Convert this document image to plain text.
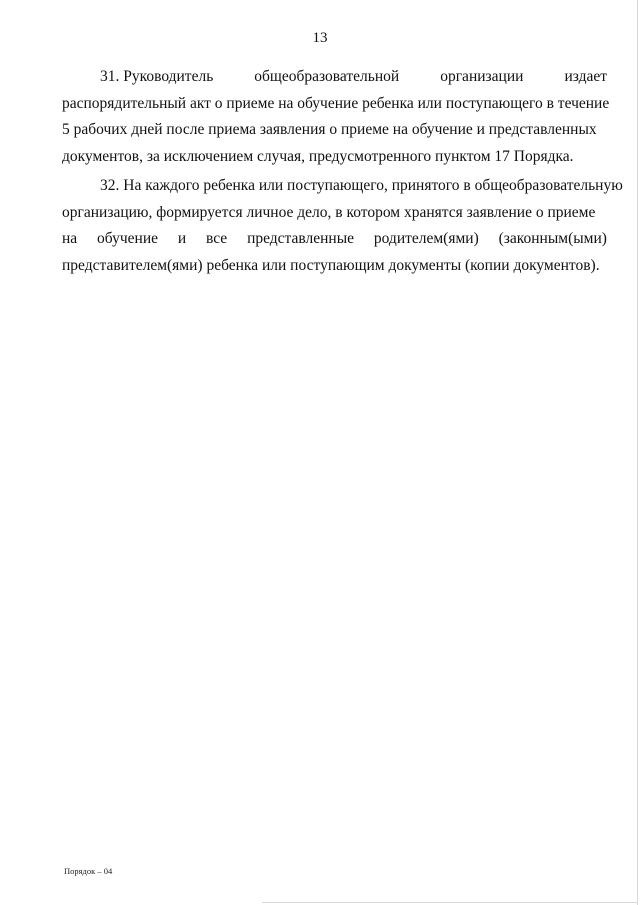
13
31. Руководитель	общеобразовательной	организации	издает
распорядительный акт о приеме на обучение ребенка или поступающего в течение
5 рабочих дней после приема заявления о приеме на обучение и представленных
документов, за исключением случая, предусмотренного пунктом 17 Порядка.
32. На каждого ребенка или поступающего, принятого в общеобразовательную
организацию, формируется личное дело, в котором хранятся заявление о приеме
на обучение и все представленные родителем(ями) (законным(ыми)
представителем(ями) ребенка или поступающим документы (копии документов).
Порядок – 04
